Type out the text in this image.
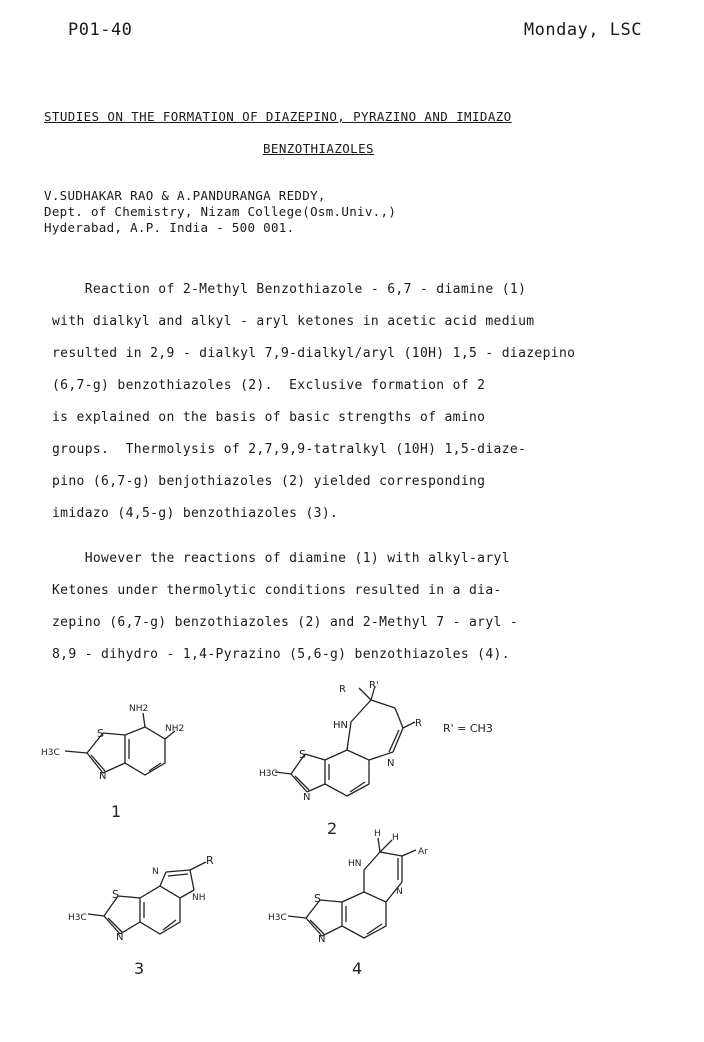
P01-40	Monday, LSC
STUDIES ON THE FORMATION OF DIAZEPINO, PYRAZINO AND IMIDAZO
BENZOTHIAZOLES
V.SUDHAKAR RAO & A.PANDURANGA REDDY,
Dept. of Chemistry, Nizam College(Osm.Univ.,)
Hyderabad, A.P. India - 500 001.
Reaction of 2-Methyl Benzothiazole - 6,7 - diamine (1)
with dialkyl and alkyl - aryl ketones in acetic acid medium
resulted in 2,9 - dialkyl 7,9-dialkyl/aryl (10H) 1,5 - diazepino
(6,7-g) benzothiazoles (2).  Exclusive formation of 2
is explained on the basis of basic strengths of amino
groups.  Thermolysis of 2,7,9,9-tatralkyl (10H) 1,5-diaze-
pino (6,7-g) benjothiazoles (2) yielded corresponding
imidazo (4,5-g) benzothiazoles (3).
However the reactions of diamine (1) with alkyl-aryl
Ketones under thermolytic conditions resulted in a dia-
zepino (6,7-g) benzothiazoles (2) and 2-Methyl 7 - aryl -
8,9 - dihydro - 1,4-Pyrazino (5,6-g) benzothiazoles (4).
H3C
S
N
NH2
NH2
1
HN
N
R
R R'
R' = CH3
H3C
S
N
2
N
NH
R
H3C
S
N
3
HN
N
H H
Ar
H3C
S
N
4
